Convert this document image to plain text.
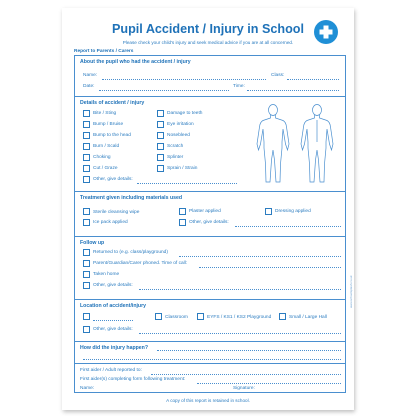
Pupil Accident / Injury in School
Please check your child's injury and seek medical advice if you are at all concerned.
Report to Parents / Carers
About the pupil who had the accident / injury
Name:	Class:
Date:	Time:
Details of accident / injury
Bite / Sting
Bump / Bruise
Bump to the head
Burn / Scald
Choking
Cut / Graze
Damage to teeth
Eye irritation
Nosebleed
Scratch
Splinter
Sprain / Strain
Other, give details:
Treatment given including materials used
Sterile cleansing wipe	Plaster applied	Dressing applied
Ice pack applied	Other, give details:
Follow up
Returned to (e.g. class/playground)
Parent/Guardian/Carer phoned. Time of call:
Taken home
Other, give details:
Location of accident/injury
Classroom	EYFS / KS1 / KS2 Playground	Small / Large Hall
Other, give details:
How did the injury happen?
First aider / Adult reported to:
First aider(s) completing form following treatment:
Name:	Signature:
A copy of this report is retained in school.
www.schoolsplash.co.uk
